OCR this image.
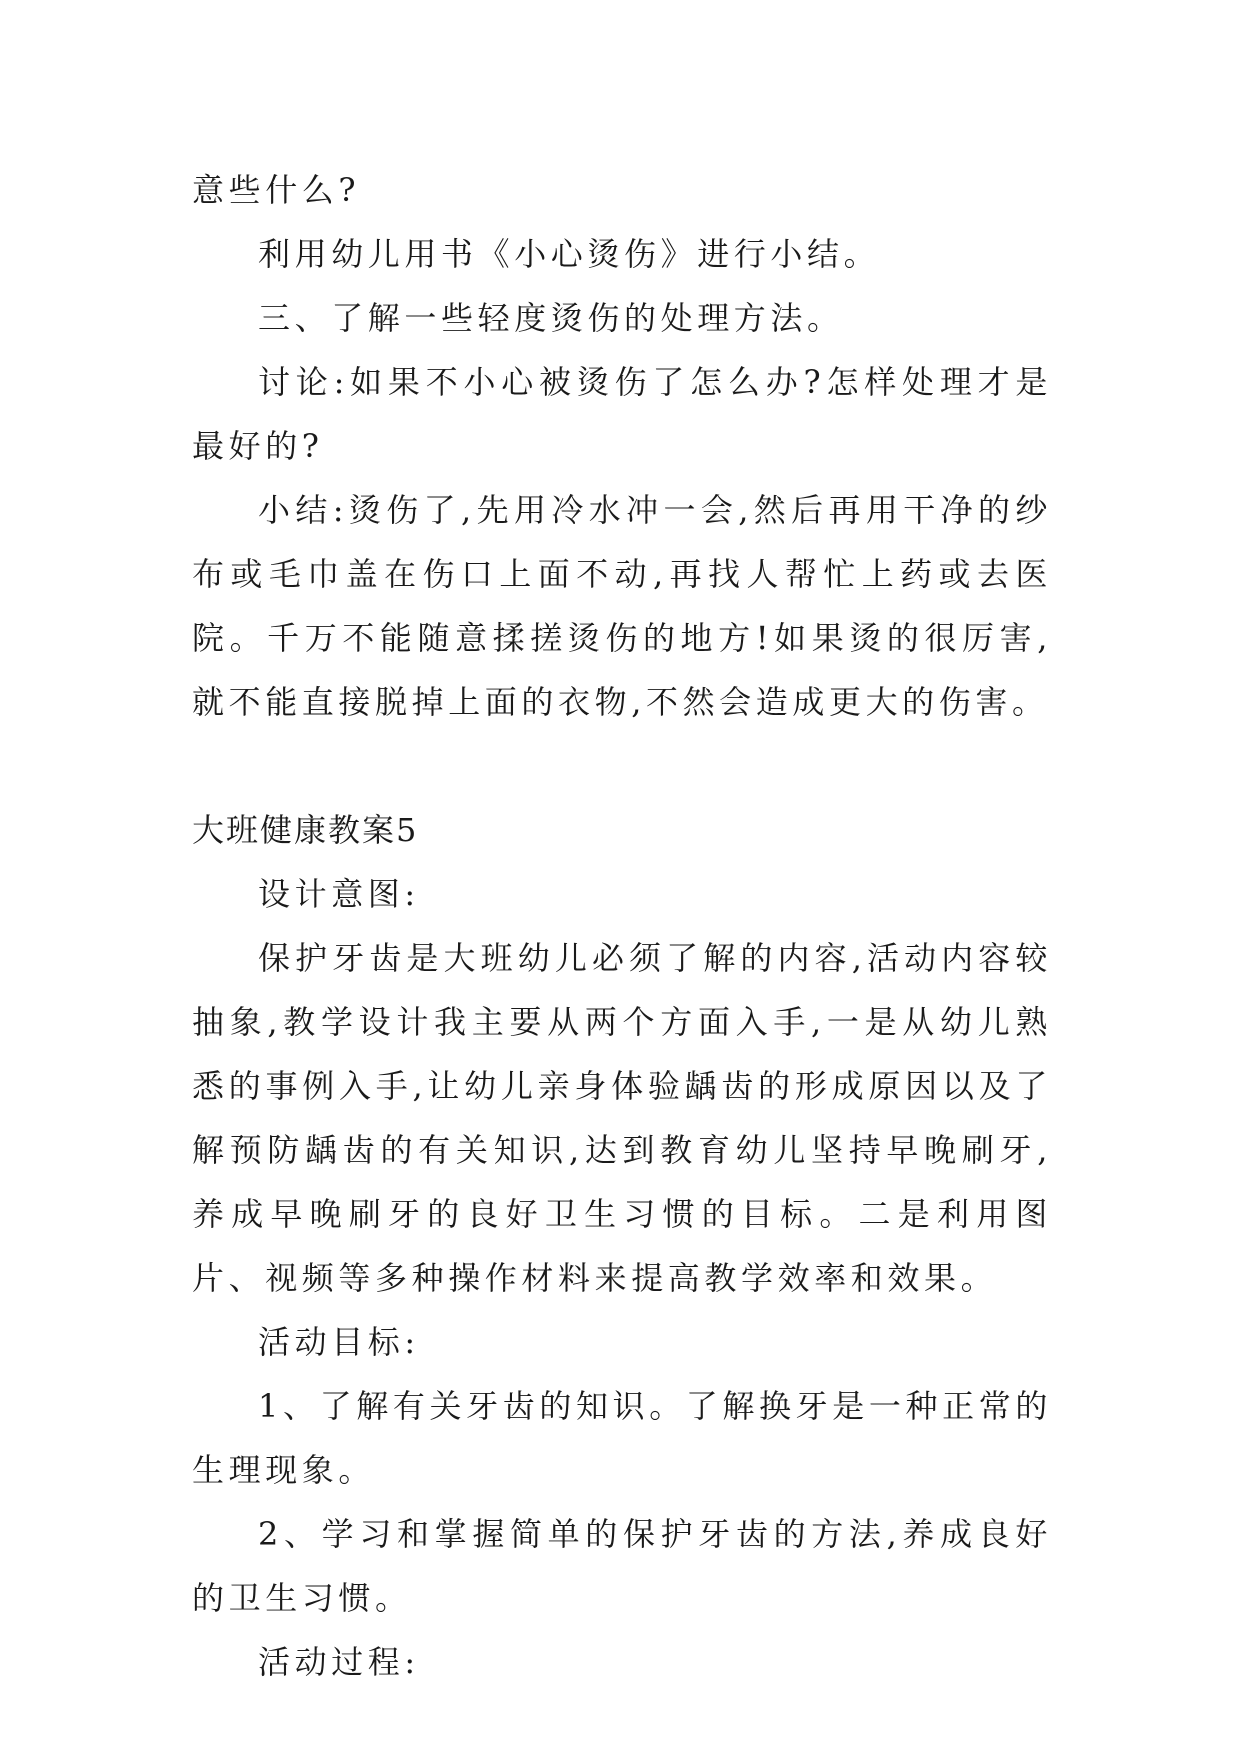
意些什么?

利用幼儿用书《小心烫伤》进行小结。

三、了解一些轻度烫伤的处理方法。

讨论:如果不小心被烫伤了怎么办?怎样处理才是最好的?

小结:烫伤了,先用冷水冲一会,然后再用干净的纱布或毛巾盖在伤口上面不动,再找人帮忙上药或去医院。千万不能随意揉搓烫伤的地方!如果烫的很厉害,就不能直接脱掉上面的衣物,不然会造成更大的伤害。

大班健康教案5

设计意图:

保护牙齿是大班幼儿必须了解的内容,活动内容较抽象,教学设计我主要从两个方面入手,一是从幼儿熟悉的事例入手,让幼儿亲身体验龋齿的形成原因以及了解预防龋齿的有关知识,达到教育幼儿坚持早晚刷牙,养成早晚刷牙的良好卫生习惯的目标。二是利用图片、视频等多种操作材料来提高教学效率和效果。

活动目标:

1、了解有关牙齿的知识。了解换牙是一种正常的生理现象。

2、学习和掌握简单的保护牙齿的方法,养成良好的卫生习惯。

活动过程:
